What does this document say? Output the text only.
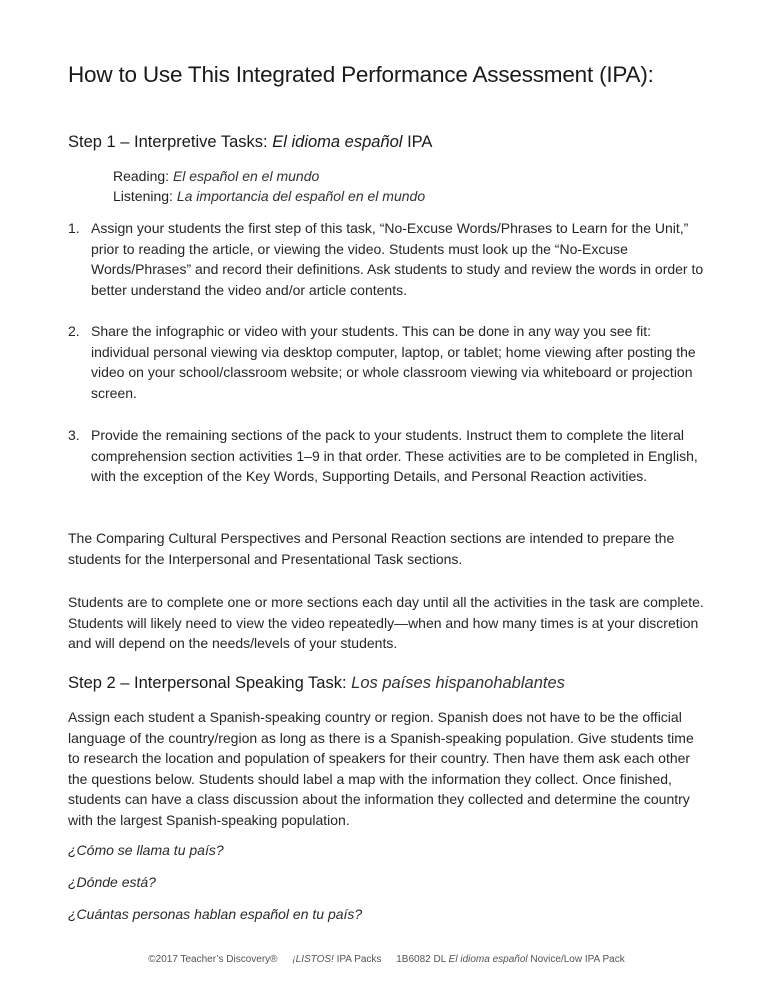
How to Use This Integrated Performance Assessment (IPA):
Step 1 – Interpretive Tasks: El idioma español IPA
Reading: El español en el mundo
Listening: La importancia del español en el mundo
1. Assign your students the first step of this task, “No-Excuse Words/Phrases to Learn for the Unit,” prior to reading the article, or viewing the video. Students must look up the “No-Excuse Words/Phrases” and record their definitions. Ask students to study and review the words in order to better understand the video and/or article contents.
2. Share the infographic or video with your students. This can be done in any way you see fit: individual personal viewing via desktop computer, laptop, or tablet; home viewing after posting the video on your school/classroom website; or whole classroom viewing via whiteboard or projection screen.
3. Provide the remaining sections of the pack to your students. Instruct them to complete the literal comprehension section activities 1–9 in that order. These activities are to be completed in English, with the exception of the Key Words, Supporting Details, and Personal Reaction activities.

The Comparing Cultural Perspectives and Personal Reaction sections are intended to prepare the students for the Interpersonal and Presentational Task sections.

Students are to complete one or more sections each day until all the activities in the task are complete. Students will likely need to view the video repeatedly—when and how many times is at your discretion and will depend on the needs/levels of your students.

Step 2 – Interpersonal Speaking Task: Los países hispanohablantes

Assign each student a Spanish-speaking country or region. Spanish does not have to be the official language of the country/region as long as there is a Spanish-speaking population. Give students time to research the location and population of speakers for their country. Then have them ask each other the questions below. Students should label a map with the information they collect. Once finished, students can have a class discussion about the information they collected and determine the country with the largest Spanish-speaking population.

¿Cómo se llama tu país?

¿Dónde está?

¿Cuántas personas hablan español en tu país?

©2017 Teacher’s Discovery® ¡LISTOS! IPA Packs 1B6082 DL El idioma español Novice/Low IPA Pack
